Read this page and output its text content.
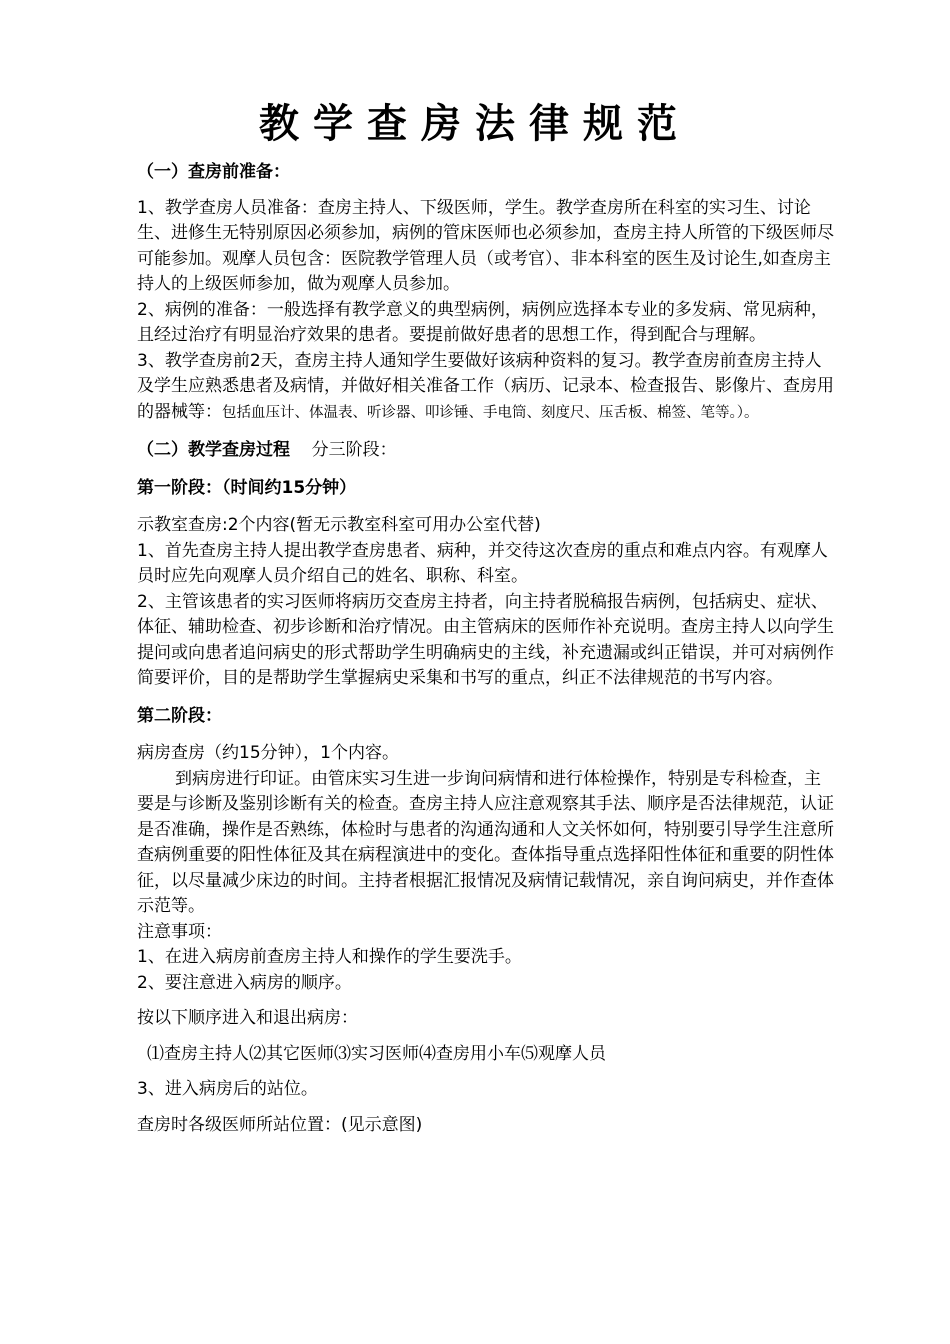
教学查房法律规范

（一）查房前准备：

1、教学查房人员准备：查房主持人、下级医师，学生。教学查房所在科室的实习生、讨论生、进修生无特别原因必须参加，病例的管床医师也必须参加，查房主持人所管的下级医师尽可能参加。观摩人员包含：医院教学管理人员（或考官）、非本科室的医生及讨论生,如查房主持人的上级医师参加，做为观摩人员参加。

2、病例的准备：一般选择有教学意义的典型病例，病例应选择本专业的多发病、常见病种，且经过治疗有明显治疗效果的患者。要提前做好患者的思想工作，得到配合与理解。

3、教学查房前2天，查房主持人通知学生要做好该病种资料的复习。教学查房前查房主持人及学生应熟悉患者及病情，并做好相关准备工作（病历、记录本、检查报告、影像片、查房用的器械等：包括血压计、体温表、听诊器、叩诊锤、手电筒、刻度尺、压舌板、棉签、笔等。）。

（二）教学查房过程 分三阶段：

第一阶段：（时间约15分钟）

示教室查房:2个内容(暂无示教室科室可用办公室代替)

1、首先查房主持人提出教学查房患者、病种，并交待这次查房的重点和难点内容。有观摩人员时应先向观摩人员介绍自己的姓名、职称、科室。

2、主管该患者的实习医师将病历交查房主持者，向主持者脱稿报告病例，包括病史、症状、体征、辅助检查、初步诊断和治疗情况。由主管病床的医师作补充说明。查房主持人以向学生提问或向患者追问病史的形式帮助学生明确病史的主线，补充遗漏或纠正错误，并可对病例作简要评价，目的是帮助学生掌握病史采集和书写的重点，纠正不法律规范的书写内容。

第二阶段：

病房查房（约15分钟），1个内容。

到病房进行印证。由管床实习生进一步询问病情和进行体检操作，特别是专科检查，主要是与诊断及鉴别诊断有关的检查。查房主持人应注意观察其手法、顺序是否法律规范，认证是否准确，操作是否熟练，体检时与患者的沟通沟通和人文关怀如何，特别要引导学生注意所查病例重要的阳性体征及其在病程演进中的变化。查体指导重点选择阳性体征和重要的阴性体征，以尽量减少床边的时间。主持者根据汇报情况及病情记载情况，亲自询问病史，并作查体示范等。

注意事项：

1、在进入病房前查房主持人和操作的学生要洗手。

2、要注意进入病房的顺序。

按以下顺序进入和退出病房：

⑴查房主持人⑵其它医师⑶实习医师⑷查房用小车⑸观摩人员

3、进入病房后的站位。

查房时各级医师所站位置：(见示意图)
